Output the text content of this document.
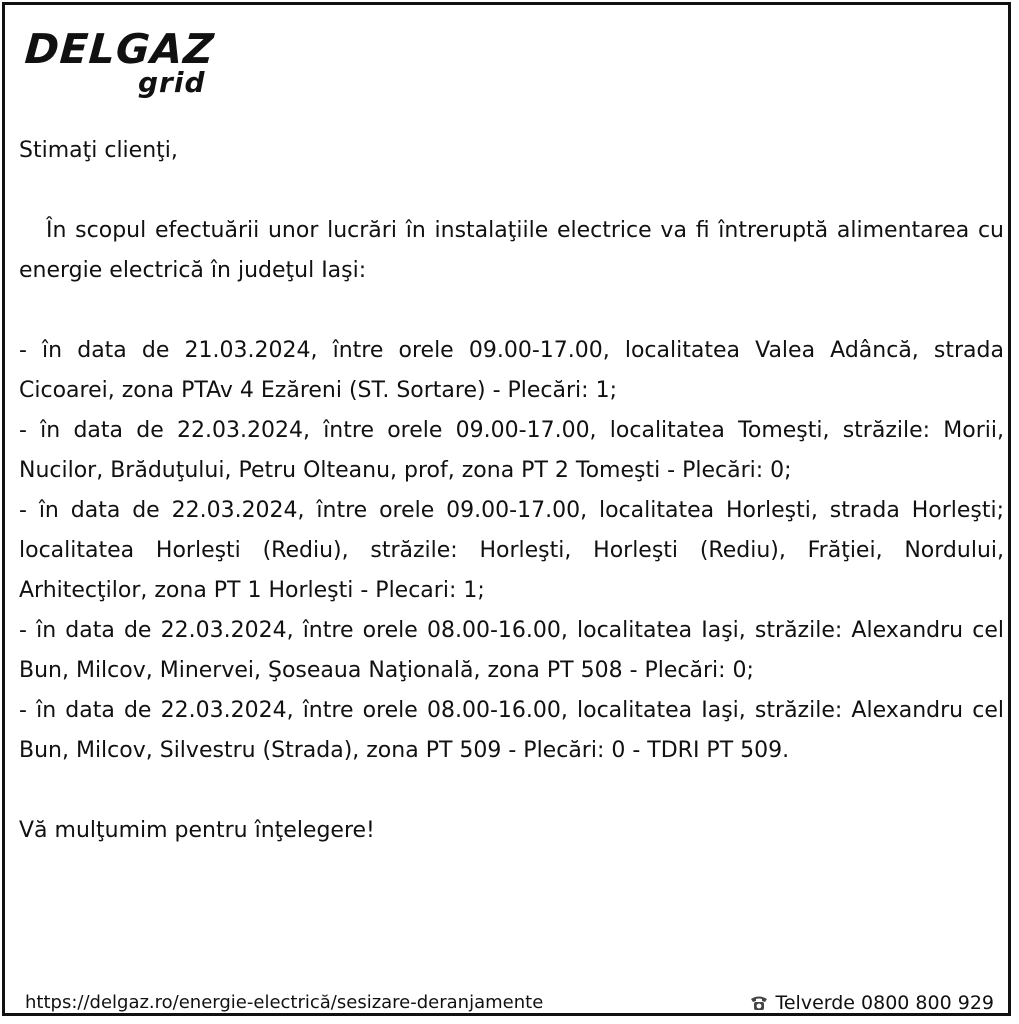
DELGAZ
grid

Stimaţi clienţi,

În scopul efectuării unor lucrări în instalaţiile electrice va fi întreruptă alimentarea cu energie electrică în judeţul Iaşi:

- în data de 21.03.2024, între orele 09.00-17.00, localitatea Valea Adâncă, strada Cicoarei, zona PTAv 4 Ezăreni (ST. Sortare) - Plecări: 1;

- în data de 22.03.2024, între orele 09.00-17.00, localitatea Tomeşti, străzile: Morii, Nucilor, Brăduţului, Petru Olteanu, prof, zona PT 2 Tomeşti - Plecări: 0;

- în data de 22.03.2024, între orele 09.00-17.00, localitatea Horleşti, strada Horleşti; localitatea Horleşti (Rediu), străzile: Horleşti, Horleşti (Rediu), Frăţiei, Nordului, Arhitecţilor, zona PT 1 Horleşti - Plecari: 1;

- în data de 22.03.2024, între orele 08.00-16.00, localitatea Iaşi, străzile: Alexandru cel Bun, Milcov, Minervei, Şoseaua Naţională, zona PT 508 - Plecări: 0;

- în data de 22.03.2024, între orele 08.00-16.00, localitatea Iaşi, străzile: Alexandru cel Bun, Milcov, Silvestru (Strada), zona PT 509 - Plecări: 0 - TDRI PT 509.

Vă mulţumim pentru înţelegere!

https://delgaz.ro/energie-electrică/sesizare-deranjamente	Telverde 0800 800 929
